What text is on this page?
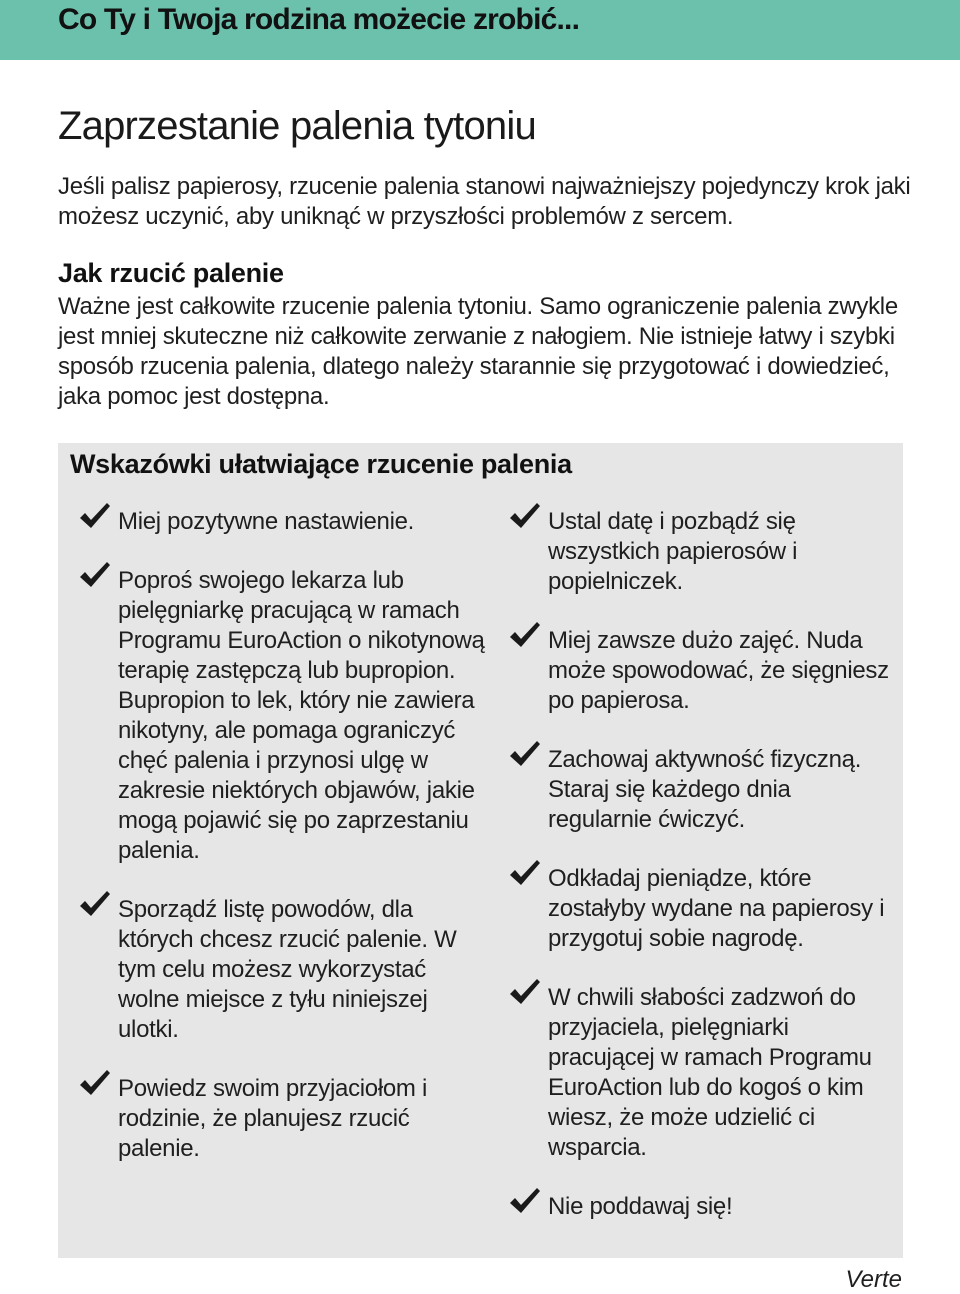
Co Ty i Twoja rodzina możecie zrobić...
Zaprzestanie palenia tytoniu

Jeśli palisz papierosy, rzucenie palenia stanowi najważniejszy pojedynczy krok jaki możesz uczynić, aby uniknąć w przyszłości problemów z sercem.

Jak rzucić palenie

Ważne jest całkowite rzucenie palenia tytoniu. Samo ograniczenie palenia zwykle jest mniej skuteczne niż całkowite zerwanie z nałogiem. Nie istnieje łatwy i szybki sposób rzucenia palenia, dlatego należy starannie się przygotować i dowiedzieć, jaka pomoc jest dostępna.

Wskazówki ułatwiające rzucenie palenia
Miej pozytywne nastawienie.
Poproś swojego lekarza lub pielęgniarkę pracującą w ramach Programu EuroAction o nikotynową terapię zastępczą lub bupropion. Bupropion to lek, który nie zawiera nikotyny, ale pomaga ograniczyć chęć palenia i przynosi ulgę w zakresie niektórych objawów, jakie mogą pojawić się po zaprzestaniu palenia.
Sporządź listę powodów, dla których chcesz rzucić palenie. W tym celu możesz wykorzystać wolne miejsce z tyłu niniejszej ulotki.
Powiedz swoim przyjaciołom i rodzinie, że planujesz rzucić palenie.
Ustal datę i pozbądź się wszystkich papierosów i popielniczek.
Miej zawsze dużo zajęć. Nuda może spowodować, że sięgniesz po papierosa.
Zachowaj aktywność fizyczną. Staraj się każdego dnia regularnie ćwiczyć.
Odkładaj pieniądze, które zostałyby wydane na papierosy i przygotuj sobie nagrodę.
W chwili słabości zadzwoń do przyjaciela, pielęgniarki pracującej w ramach Programu EuroAction lub do kogoś o kim wiesz, że może udzielić ci wsparcia.
Nie poddawaj się!
Verte
